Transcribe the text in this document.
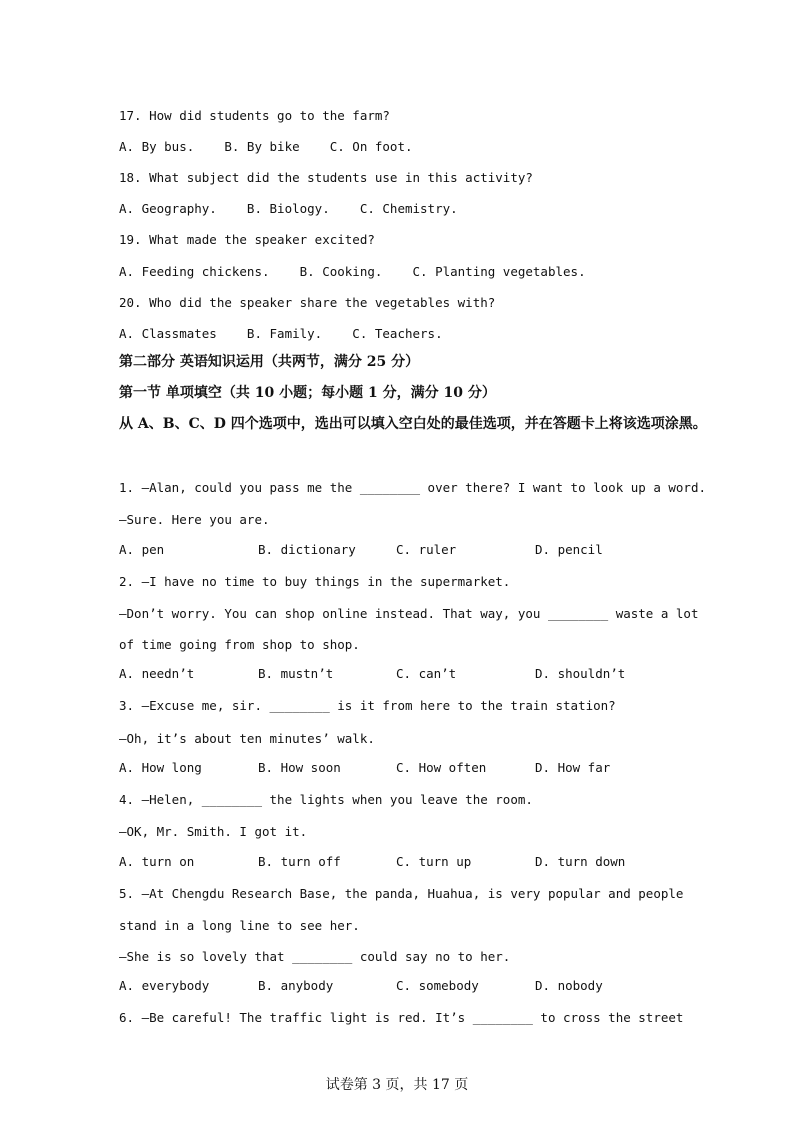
17. How did students go to the farm?

A. By bus.    B. By bike    C. On foot.

18. What subject did the students use in this activity?

A. Geography.    B. Biology.    C. Chemistry.

19. What made the speaker excited?

A. Feeding chickens.    B. Cooking.    C. Planting vegetables.

20. Who did the speaker share the vegetables with?

A. Classmates    B. Family.    C. Teachers.

第二部分 英语知识运用（共两节，满分 25 分）

第一节 单项填空（共 10 小题；每小题 1 分，满分 10 分）

从 A、B、C、D 四个选项中，选出可以填入空白处的最佳选项，并在答题卡上将该选项涂黑。

1. —Alan, could you pass me the ________ over there? I want to look up a word.

—Sure. Here you are.

A. pen	B. dictionary	C. ruler	D. pencil

2. —I have no time to buy things in the supermarket.

—Don’t worry. You can shop online instead. That way, you ________ waste a lot

of time going from shop to shop.

A. needn’t	B. mustn’t	C. can’t	D. shouldn’t

3. —Excuse me, sir. ________ is it from here to the train station?

—Oh, it’s about ten minutes’ walk.

A. How long	B. How soon	C. How often	D. How far

4. —Helen, ________ the lights when you leave the room.

—OK, Mr. Smith. I got it.

A. turn on	B. turn off	C. turn up	D. turn down

5. —At Chengdu Research Base, the panda, Huahua, is very popular and people

stand in a long line to see her.

—She is so lovely that ________ could say no to her.

A. everybody	B. anybody	C. somebody	D. nobody

6. —Be careful! The traffic light is red. It’s ________ to cross the street

试卷第 3 页，共 17 页
